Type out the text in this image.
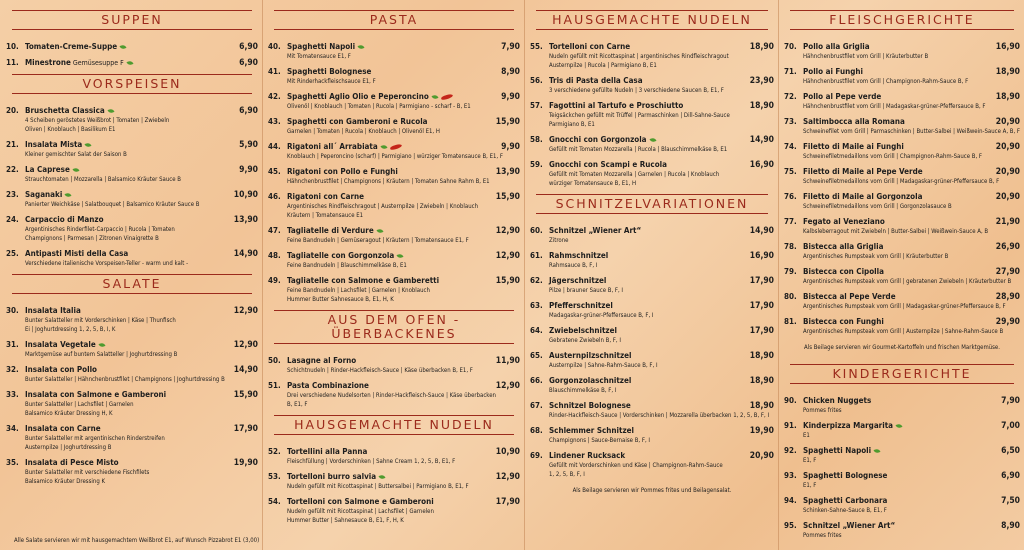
SUPPEN
10. Tomaten-Creme-Suppe	6,90
11. Minestrone Gemüsesuppe F	6,90
VORSPEISEN
20. Bruschetta Classica	6,90
4 Scheiben geröstetes Weißbrot | Tomaten | Zwiebeln
Oliven | Knoblauch | Basilikum E1
21. Insalata Mista	5,90
Kleiner gemischter Salat der Saison B
22. La Caprese	9,90
Strauchtomaten | Mozzarella | Balsamico Kräuter Sauce B
23. Saganaki	10,90
Panierter Weichkäse | Salatbouquet | Balsamico Kräuter Sauce B
24. Carpaccio di Manzo	13,90
Argentinisches Rinderfilet-Carpaccio | Rucola | Tomaten
Champignons | Parmesan | Zitronen Vinaigrette B
25. Antipasti Misti della Casa	14,90
Verschiedene italienische Vorspeisen-Teller - warm und kalt -
SALATE
30. Insalata Italia	12,90
Bunter Salatteller mit Vorderschinken | Käse | Thunfisch
Ei | Joghurtdressing 1, 2, 5, B, I, K
31. Insalata Vegetale	12,90
Marktgemüse auf buntem Salatteller | Joghurtdressing B
32. Insalata con Pollo	14,90
Bunter Salatteller | Hähnchenbrustfilet | Champignons | Joghurtdressing B
33. Insalata con Salmone e Gamberoni	15,90
Bunter Salatteller | Lachsfilet | Garnelen
Balsamico Kräuter Dressing H, K
34. Insalata con Carne	17,90
Bunter Salatteller mit argentinischen Rinderstreifen
Austernpilze | Joghurtdressing B
35. Insalata di Pesce Misto	19,90
Bunter Salatteller mit verschiedene Fischfilets
Balsamico Kräuter Dressing K
Alle Salate servieren wir mit hausgemachtem Weißbrot E1, auf Wunsch Pizzabrot E1 (3,00)
PASTA
40. Spaghetti Napoli	7,90
Mit Tomatensauce E1, F
41. Spaghetti Bolognese	8,90
Mit Rinderhackfleischsauce E1, F
42. Spaghetti Aglio Olio e Peperoncino	9,90
Olivenöl | Knoblauch | Tomaten | Rucola | Parmigiano - scharf - B, E1
43. Spaghetti con Gamberoni e Rucola	15,90
Garnelen | Tomaten | Rucola | Knoblauch | Olivenöl E1, H
44. Rigatoni all´ Arrabiata	9,90
Knoblauch | Peperoncino (scharf) | Parmigiano | würziger Tomatensauce B, E1, F
45. Rigatoni con Pollo e Funghi	13,90
Hähnchenbrustfilet | Champignons | Kräutern | Tomaten Sahne Rahm B, E1
46. Rigatoni con Carne	15,90
Argentinisches Rindfleischragout | Austernpilze | Zwiebeln | Knoblauch
Kräutern | Tomatensauce E1
47. Tagliatelle di Verdure	12,90
Feine Bandnudeln | Gemüseragout | Kräutern | Tomatensauce E1, F
48. Tagliatelle con Gorgonzola	12,90
Feine Bandnudeln | Blauschimmelkäse B, E1
49. Tagliatelle con Salmone e Gamberetti	15,90
Feine Bandnudeln | Lachsfilet | Garnelen | Knoblauch
Hummer Butter Sahnesauce B, E1, H, K
AUS DEM OFEN - ÜBERBACKENES
50. Lasagne al Forno	11,90
Schichtnudeln | Rinder-Hackfleisch-Sauce | Käse überbacken B, E1, F
51. Pasta Combinazione	12,90
Drei verschiedene Nudelsorten | Rinder-Hackfleisch-Sauce | Käse überbacken
B, E1, F
HAUSGEMACHTE NUDELN
52. Tortellini alla Panna	10,90
Fleischfüllung | Vorderschinken | Sahne Cream 1, 2, 5, B, E1, F
53. Tortelloni burro salvia	12,90
Nudeln gefüllt mit Ricottaspinat | Buttersalbei | Parmigiano B, E1, F
54. Tortelloni con Salmone e Gamberoni	17,90
Nudeln gefüllt mit Ricottaspinat | Lachsfilet | Garnelen
Hummer Butter | Sahnesauce B, E1, F, H, K
HAUSGEMACHTE NUDELN
55. Tortelloni con Carne	18,90
Nudeln gefüllt mit Ricottaspinat | argentinisches Rindfleischragout
Austernpilze | Rucola | Parmigiano B, E1
56. Tris di Pasta della Casa	23,90
3 verschiedene gefüllte Nudeln | 3 verschiedene Saucen B, E1, F
57. Fagottini al Tartufo e Proschiutto	18,90
Teigsäckchen gefüllt mit Trüffel | Parmaschinken | Dill-Sahne-Sauce
Parmigiano B, E1
58. Gnocchi con Gorgonzola	14,90
Gefüllt mit Tomaten Mozzarella | Rucola | Blauschimmelkäse B, E1
59. Gnocchi con Scampi e Rucola	16,90
Gefüllt mit Tomaten Mozzarella | Garnelen | Rucola | Knoblauch
würziger Tomatensauce B, E1, H
SCHNITZELVARIATIONEN
60. Schnitzel „Wiener Art“	14,90
Zitrone
61. Rahmschnitzel	16,90
Rahmsauce B, F, I
62. Jägerschnitzel	17,90
Pilze | brauner Sauce B, F, I
63. Pfefferschnitzel	17,90
Madagaskar-grüner-Pfeffersauce B, F, I
64. Zwiebelschnitzel	17,90
Gebratene Zwiebeln B, F, I
65. Austernpilzschnitzel	18,90
Austernpilze | Sahne-Rahm-Sauce B, F, I
66. Gorgonzolaschnitzel	18,90
Blauschimmelkäse B, F, I
67. Schnitzel Bolognese	18,90
Rinder-Hackfleisch-Sauce | Vorderschinken | Mozzarella überbacken 1, 2, 5, B, F, I
68. Schlemmer Schnitzel	19,90
Champignons | Sauce-Bernaise B, F, I
69. Lindener Rucksack	20,90
Gefüllt mit Vorderschinken und Käse | Champignon-Rahm-Sauce
1, 2, 5, B, F, I
Als Beilage servieren wir Pommes frites und Beilagensalat.
FLEISCHGERICHTE
70. Pollo alla Griglia	16,90
Hähnchenbrustfilet vom Grill | Kräuterbutter B
71. Pollo ai Funghi	18,90
Hähnchenbrustfilet vom Grill | Champignon-Rahm-Sauce B, F
72. Pollo al Pepe verde	18,90
Hähnchenbrustfilet vom Grill | Madagaskar-grüner-Pfeffersauce B, F
73. Saltimbocca alla Romana	20,90
Schweinefilet vom Grill | Parmaschinken | Butter-Salbei | Weißwein-Sauce A, B, F
74. Filetto di Maile ai Funghi	20,90
Schweinefiletmedaillons vom Grill | Champignon-Rahm-Sauce B, F
75. Filetto di Maile al Pepe Verde	20,90
Schweinefiletmedaillons vom Grill | Madagaskar-grüner-Pfeffersauce B, F
76. Filetto di Maile al Gorgonzola	20,90
Schweinefiletmedaillons vom Grill | Gorgonzolasauce B
77. Fegato al Veneziano	21,90
Kalbsleberragout mit Zwiebeln | Butter-Salbei | Weißwein-Sauce A, B
78. Bistecca alla Griglia	26,90
Argentinisches Rumpsteak vom Grill | Kräuterbutter B
79. Bistecca con Cipolla	27,90
Argentinisches Rumpsteak vom Grill | gebratenen Zwiebeln | Kräuterbutter B
80. Bistecca al Pepe Verde	28,90
Argentinisches Rumpsteak vom Grill | Madagaskar-grüner-Pfeffersauce B, F
81. Bistecca con Funghi	29,90
Argentinisches Rumpsteak vom Grill | Austernpilze | Sahne-Rahm-Sauce B
Als Beilage servieren wir Gourmet-Kartoffeln und frischen Marktgemüse.
KINDERGERICHTE
90. Chicken Nuggets	7,90
Pommes frites
91. Kinderpizza Margarita	7,00
E1
92. Spaghetti Napoli	6,50
E1, F
93. Spaghetti Bolognese	6,90
E1, F
94. Spaghetti Carbonara	7,50
Schinken-Sahne-Sauce B, E1, F
95. Schnitzel „Wiener Art“	8,90
Pommes frites
